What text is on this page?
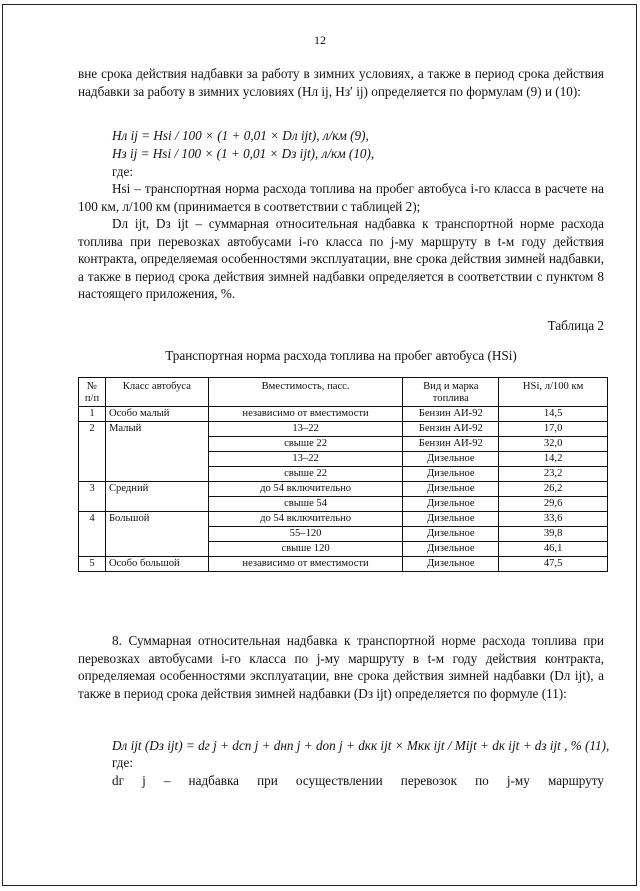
12
вне срока действия надбавки за работу в зимних условиях, а также в период срока действия надбавки за работу в зимних условиях (Нл ij, Нз′ ij) определяется по формулам (9) и (10):
Нл ij = Hsi / 100 × (1 + 0,01 × Dл ijt), л/км (9),
Нз ij = Hsi / 100 × (1 + 0,01 × Dз ijt), л/км (10),
где:
Hsi – транспортная норма расхода топлива на пробег автобуса i-го класса в расчете на 100 км, л/100 км (принимается в соответствии с таблицей 2);
Dл ijt, Dз ijt – суммарная относительная надбавка к транспортной норме расхода топлива при перевозках автобусами i-го класса по j-му маршруту в t-м году действия контракта, определяемая особенностями эксплуатации, вне срока действия зимней надбавки, а также в период срока действия зимней надбавки определяется в соответствии с пунктом 8 настоящего приложения, %.
Таблица 2
Транспортная норма расхода топлива на пробег автобуса (HSi)
№ п/п	Класс автобуса	Вместимость, пасс.	Вид и марка топлива	HSi, л/100 км
1	Особо малый	независимо от вместимости	Бензин АИ-92	14,5
2	Малый	13–22	Бензин АИ-92	17,0
		свыше 22	Бензин АИ-92	32,0
		13–22	Дизельное	14,2
		свыше 22	Дизельное	23,2
3	Средний	до 54 включительно	Дизельное	26,2
		свыше 54	Дизельное	29,6
4	Большой	до 54 включительно	Дизельное	33,6
		55–120	Дизельное	39,8
		свыше 120	Дизельное	46,1
5	Особо большой	независимо от вместимости	Дизельное	47,5
8. Суммарная относительная надбавка к транспортной норме расхода топлива при перевозках автобусами i-го класса по j-му маршруту в t-м году действия контракта, определяемая особенностями эксплуатации, вне срока действия зимней надбавки (Dл ijt), а также в период срока действия зимней надбавки (Dз ijt) определяется по формуле (11):
Dл ijt (Dз ijt) = dг j + dсп j + dнп j + dоп j + dкк ijt × Мкк ijt / Мijt + dк ijt + dз ijt , % (11),
где:
dг j – надбавка при осуществлении перевозок по j-му маршруту
